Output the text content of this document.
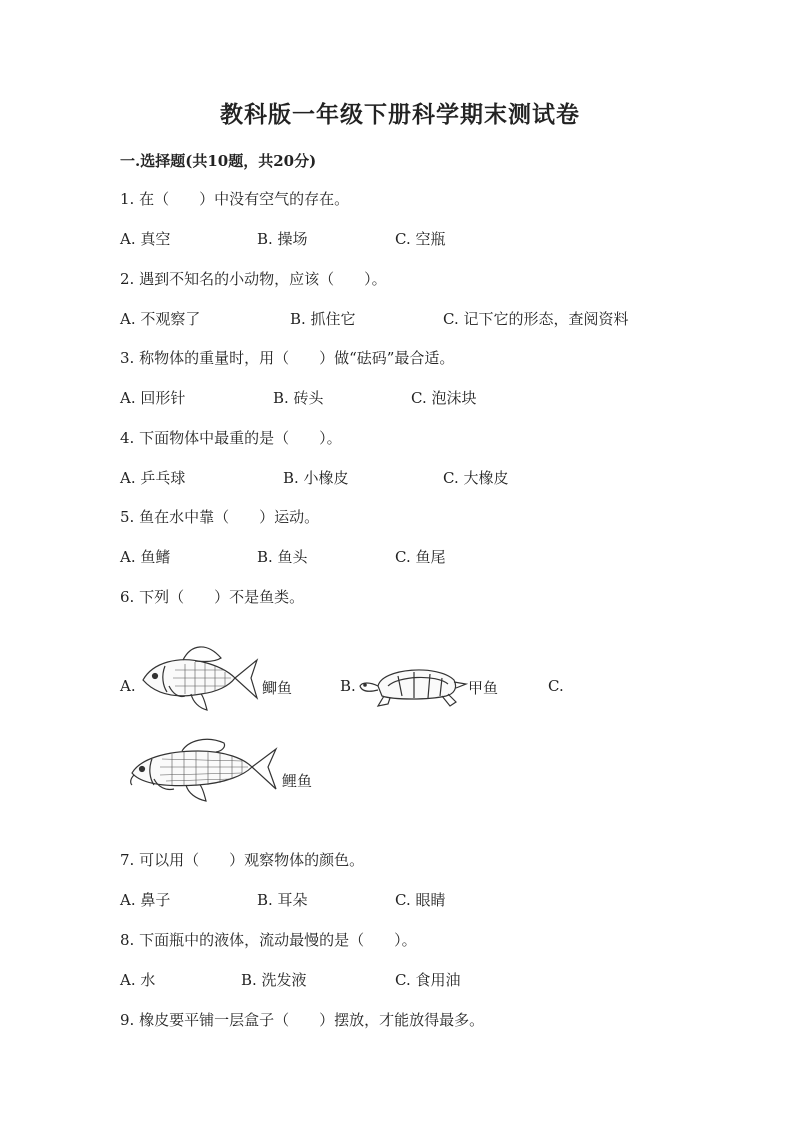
教科版一年级下册科学期末测试卷
一.选择题(共10题，共20分)
1. 在（　　）中没有空气的存在。
A. 真空	B. 操场	C. 空瓶
2. 遇到不知名的小动物，应该（　　）。
A. 不观察了	B. 抓住它	C. 记下它的形态，查阅资料
3. 称物体的重量时，用（　　）做“砝码”最合适。
A. 回形针	B. 砖头	C. 泡沫块
4. 下面物体中最重的是（　　）。
A. 乒乓球	B. 小橡皮	C. 大橡皮
5. 鱼在水中靠（　　）运动。
A. 鱼鳍	B. 鱼头	C. 鱼尾
6. 下列（　　）不是鱼类。
A.	鲫鱼	B.	甲鱼	C.
鲤鱼
7. 可以用（　　）观察物体的颜色。
A. 鼻子	B. 耳朵	C. 眼睛
8. 下面瓶中的液体，流动最慢的是（　　）。
A. 水	B. 洗发液	C. 食用油
9. 橡皮要平铺一层盒子（　　）摆放，才能放得最多。
